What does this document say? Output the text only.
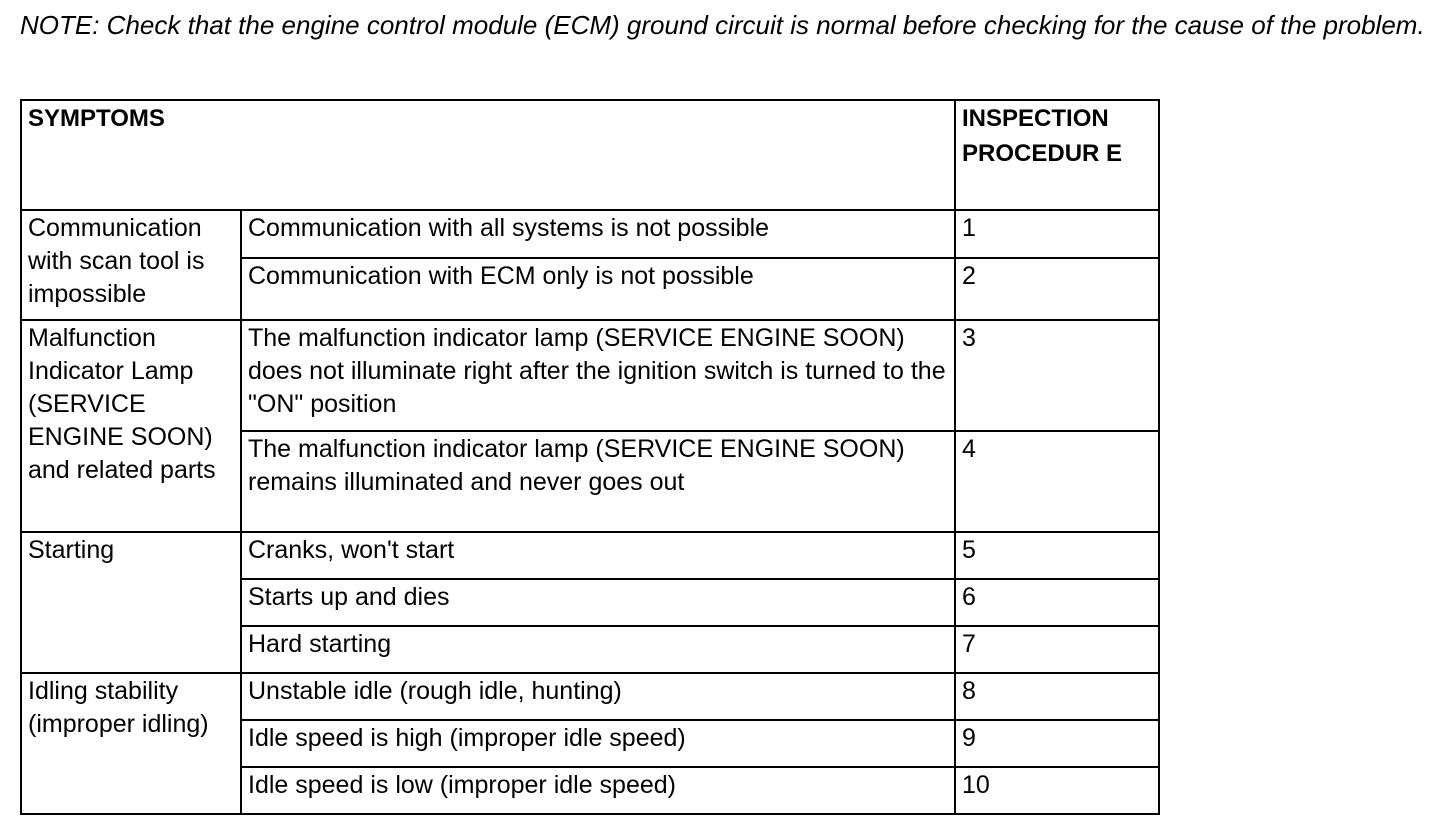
NOTE: Check that the engine control module (ECM) ground circuit is normal before checking for the cause of the problem.

SYMPTOMS		INSPECTION PROCEDUR E
Communication with scan tool is impossible	Communication with all systems is not possible	1
	Communication with ECM only is not possible	2
Malfunction Indicator Lamp (SERVICE ENGINE SOON) and related parts	The malfunction indicator lamp (SERVICE ENGINE SOON) does not illuminate right after the ignition switch is turned to the "ON" position	3
	The malfunction indicator lamp (SERVICE ENGINE SOON) remains illuminated and never goes out	4
Starting	Cranks, won't start	5
	Starts up and dies	6
	Hard starting	7
Idling stability (improper idling)	Unstable idle (rough idle, hunting)	8
	Idle speed is high (improper idle speed)	9
	Idle speed is low (improper idle speed)	10
